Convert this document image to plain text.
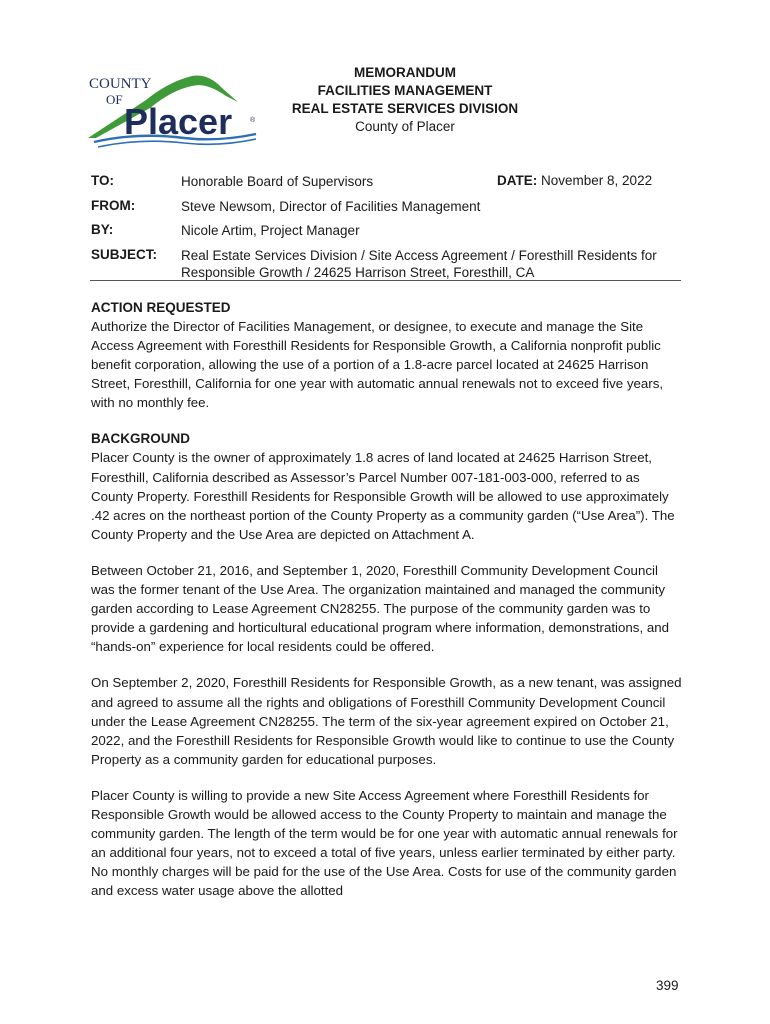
COUNTY
OF
Placer	®
MEMORANDUM
FACILITIES MANAGEMENT
REAL ESTATE SERVICES DIVISION
County of Placer
TO:	Honorable Board of Supervisors	DATE: November 8, 2022
FROM:	Steve Newsom, Director of Facilities Management
BY:	Nicole Artim, Project Manager
SUBJECT: Real Estate Services Division / Site Access Agreement / Foresthill Residents for
Responsible Growth / 24625 Harrison Street, Foresthill, CA
ACTION REQUESTED

Authorize the Director of Facilities Management, or designee, to execute and manage the Site Access Agreement with Foresthill Residents for Responsible Growth, a California nonprofit public benefit corporation, allowing the use of a portion of a 1.8-acre parcel located at 24625 Harrison Street, Foresthill, California for one year with automatic annual renewals not to exceed five years, with no monthly fee.

BACKGROUND

Placer County is the owner of approximately 1.8 acres of land located at 24625 Harrison Street, Foresthill, California described as Assessor’s Parcel Number 007-181-003-000, referred to as County Property. Foresthill Residents for Responsible Growth will be allowed to use approximately .42 acres on the northeast portion of the County Property as a community garden (“Use Area”). The County Property and the Use Area are depicted on Attachment A.

Between October 21, 2016, and September 1, 2020, Foresthill Community Development Council was the former tenant of the Use Area. The organization maintained and managed the community garden according to Lease Agreement CN28255. The purpose of the community garden was to provide a gardening and horticultural educational program where information, demonstrations, and “hands-on” experience for local residents could be offered.

On September 2, 2020, Foresthill Residents for Responsible Growth, as a new tenant, was assigned and agreed to assume all the rights and obligations of Foresthill Community Development Council under the Lease Agreement CN28255. The term of the six-year agreement expired on October 21, 2022, and the Foresthill Residents for Responsible Growth would like to continue to use the County Property as a community garden for educational purposes.

Placer County is willing to provide a new Site Access Agreement where Foresthill Residents for Responsible Growth would be allowed access to the County Property to maintain and manage the community garden. The length of the term would be for one year with automatic annual renewals for an additional four years, not to exceed a total of five years, unless earlier terminated by either party. No monthly charges will be paid for the use of the Use Area. Costs for use of the community garden and excess water usage above the allotted

399
